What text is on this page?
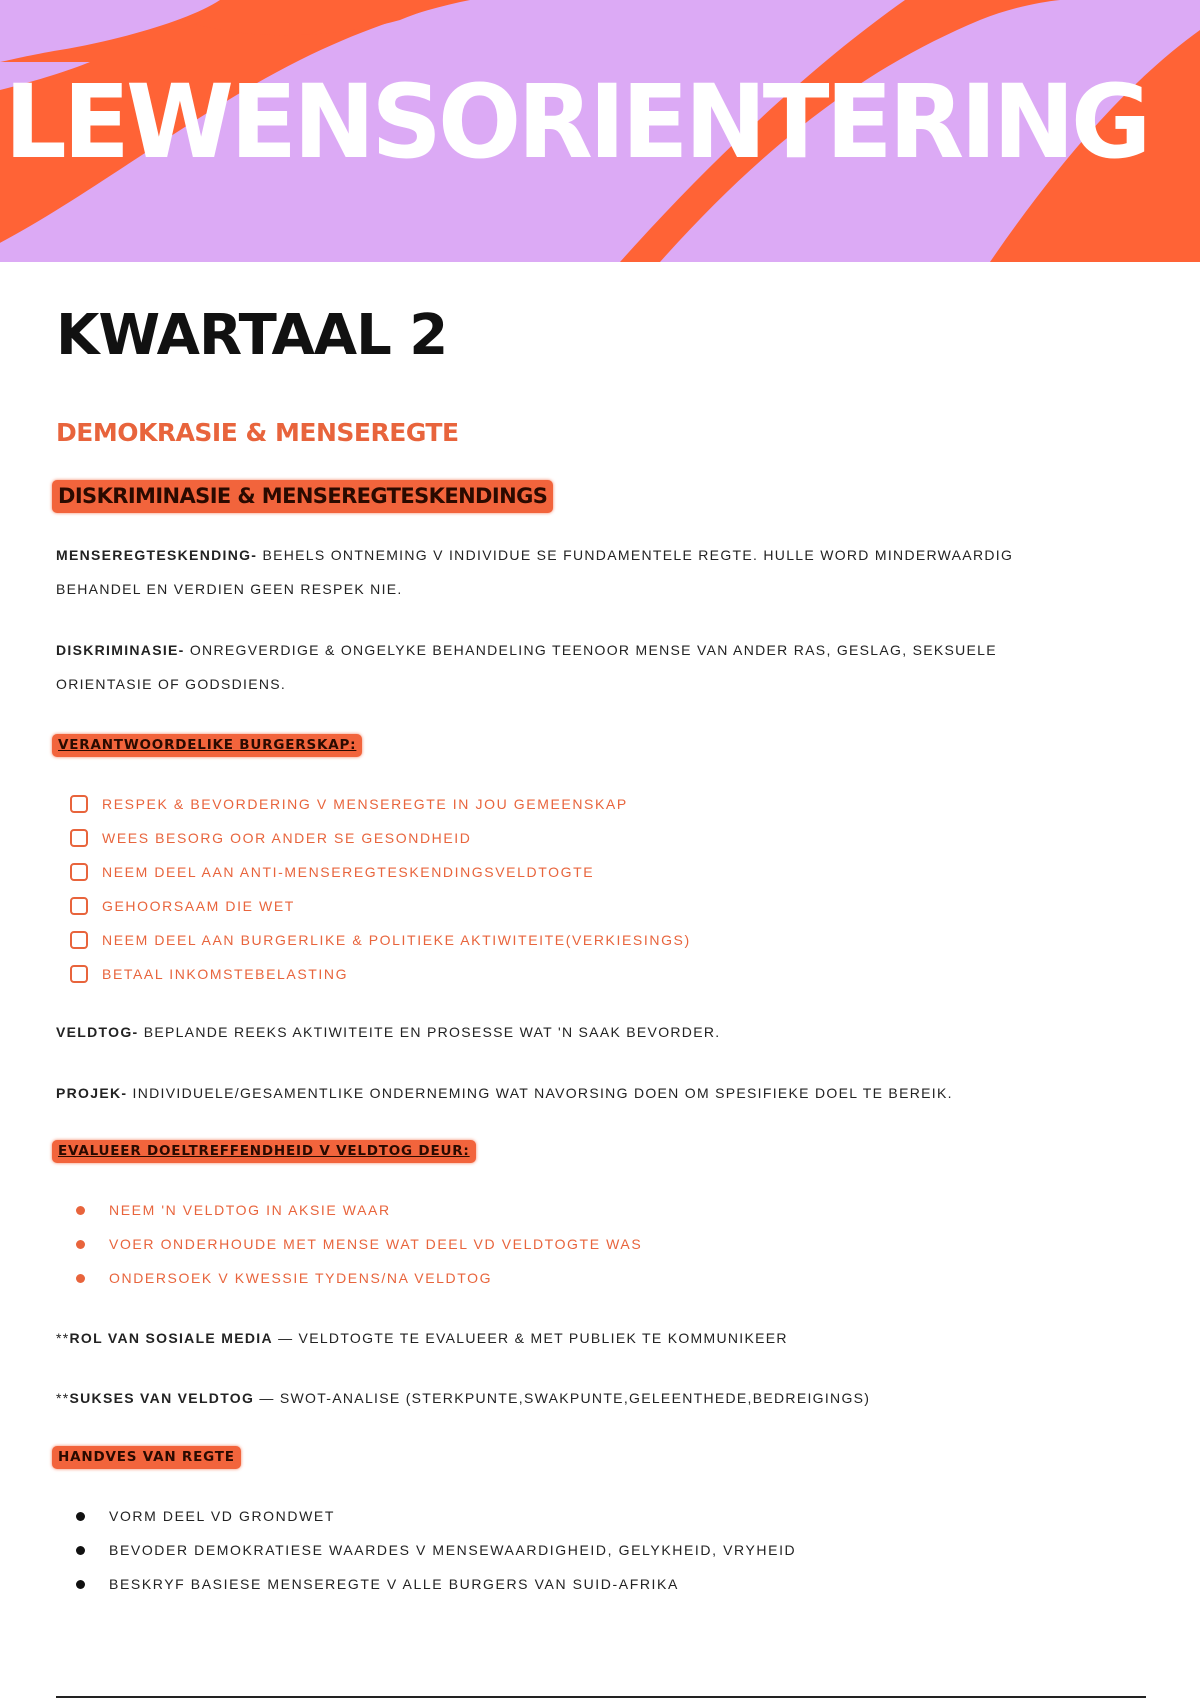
LEWENSORIENTERING
KWARTAAL 2
DEMOKRASIE & MENSEREGTE
DISKRIMINASIE & MENSEREGTESKENDINGS
MENSEREGTESKENDING- BEHELS ONTNEMING V INDIVIDUE SE FUNDAMENTELE REGTE. HULLE WORD MINDERWAARDIG BEHANDEL EN VERDIEN GEEN RESPEK NIE.
DISKRIMINASIE- ONREGVERDIGE & ONGELYKE BEHANDELING TEENOOR MENSE VAN ANDER RAS, GESLAG, SEKSUELE ORIENTASIE OF GODSDIENS.
VERANTWOORDELIKE BURGERSKAP:
RESPEK & BEVORDERING V MENSEREGTE IN JOU GEMEENSKAP
WEES BESORG OOR ANDER SE GESONDHEID
NEEM DEEL AAN ANTI-MENSEREGTESKENDINGSVELDTOGTE
GEHOORSAAM DIE WET
NEEM DEEL AAN BURGERLIKE & POLITIEKE AKTIWITEITE(VERKIESINGS)
BETAAL INKOMSTEBELASTING
VELDTOG- BEPLANDE REEKS AKTIWITEITE EN PROSESSE WAT 'N SAAK BEVORDER.
PROJEK- INDIVIDUELE/GESAMENTLIKE ONDERNEMING WAT NAVORSING DOEN OM SPESIFIEKE DOEL TE BEREIK.
EVALUEER DOELTREFFENDHEID V VELDTOG DEUR:
NEEM 'N VELDTOG IN AKSIE WAAR
VOER ONDERHOUDE MET MENSE WAT DEEL VD VELDTOGTE WAS
ONDERSOEK V KWESSIE TYDENS/NA VELDTOG
**ROL VAN SOSIALE MEDIA — VELDTOGTE TE EVALUEER & MET PUBLIEK TE KOMMUNIKEER
**SUKSES VAN VELDTOG — SWOT-ANALISE (STERKPUNTE,SWAKPUNTE,GELEENTHEDE,BEDREIGINGS)
HANDVES VAN REGTE
VORM DEEL VD GRONDWET
BEVODER DEMOKRATIESE WAARDES V MENSEWAARDIGHEID, GELYKHEID, VRYHEID
BESKRYF BASIESE MENSEREGTE V ALLE BURGERS VAN SUID-AFRIKA
